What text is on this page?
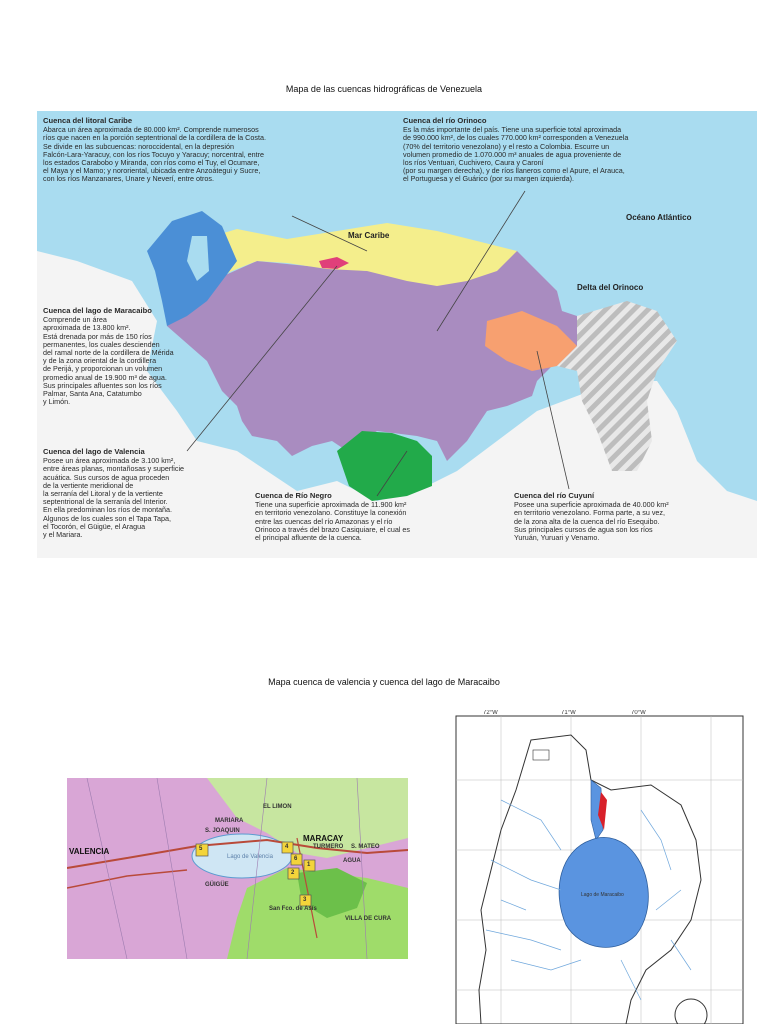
Mapa de las cuencas hidrográficas de Venezuela
Mar Caribe
Océano Atlántico
Delta del Orinoco
Cuenca del litoral Caribe
Abarca un área aproximada de 80.000 km². Comprende numerosos
ríos que nacen en la porción septentrional de la cordillera de la Costa.
Se divide en las subcuencas: noroccidental, en la depresión
Falcón-Lara-Yaracuy, con los ríos Tocuyo y Yaracuy; norcentral, entre
los estados Carabobo y Miranda, con ríos como el Tuy, el Ocumare,
el Maya y el Mamo; y nororiental, ubicada entre Anzoátegui y Sucre,
con los ríos Manzanares, Unare y Neverí, entre otros.
Cuenca del río Orinoco
Es la más importante del país. Tiene una superficie total aproximada
de 990.000 km², de los cuales 770.000 km² corresponden a Venezuela
(70% del territorio venezolano) y el resto a Colombia. Escurre un
volumen promedio de 1.070.000 m³ anuales de agua proveniente de
los ríos Ventuari, Cuchivero, Caura y Caroní
(por su margen derecha), y de ríos llaneros como el Apure, el Arauca,
el Portuguesa y el Guárico (por su margen izquierda).
Cuenca del lago de Maracaibo
Comprende un área
aproximada de 13.800 km².
Está drenada por más de 150 ríos
permanentes, los cuales descienden
del ramal norte de la cordillera de Mérida
y de la zona oriental de la cordillera
de Perijá, y proporcionan un volumen
promedio anual de 19.900 m³ de agua.
Sus principales afluentes son los ríos
Palmar, Santa Ana, Catatumbo
y Limón.
Cuenca del lago de Valencia
Posee un área aproximada de 3.100 km²,
entre áreas planas, montañosas y superficie
acuática. Sus cursos de agua proceden
de la vertiente meridional de
la serranía del Litoral y de la vertiente
septentrional de la serranía del Interior.
En ella predominan los ríos de montaña.
Algunos de los cuales son el Tapa Tapa,
el Tocorón, el Güigüe, el Aragua
y el Mariara.
Cuenca de Río Negro
Tiene una superficie aproximada de 11.900 km²
en territorio venezolano. Constituye la conexión
entre las cuencas del río Amazonas y el río
Orinoco a través del brazo Casiquiare, el cual es
el principal afluente de la cuenca.
Cuenca del río Cuyuní
Posee una superficie aproximada de 40.000 km²
en territorio venezolano. Forma parte, a su vez,
de la zona alta de la cuenca del río Esequibo.
Sus principales cursos de agua son los ríos
Yuruán, Yuruari y Venamo.
Mapa cuenca de valencia y cuenca del lago de Maracaibo
VALENCIA
MARACAY
TURMERO S. MATEO
EL LIMON
AGUA
MARIARA
S. JOAQUIN
GÜIGÜE
VILLA DE CURA
San Fco. de Asís
Lago de Valencia
5	4
6
2
3
1
72°W	71°W	70°W
Lago de Maracaibo
